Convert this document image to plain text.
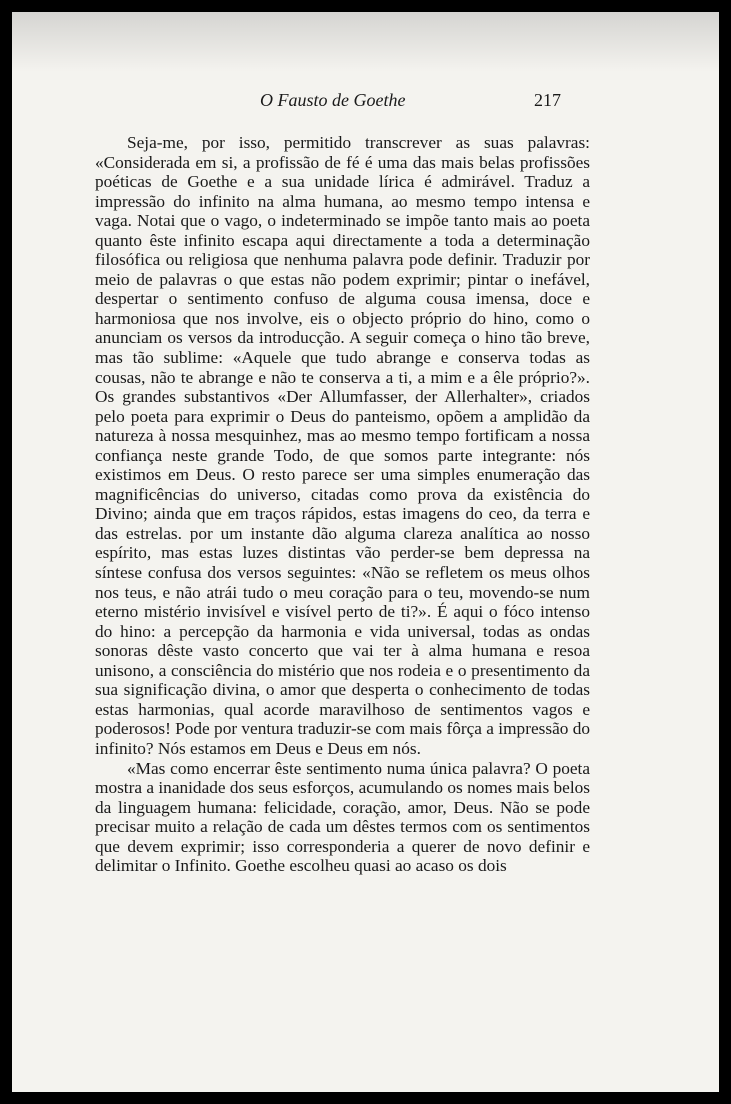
O Fausto de Goethe	217

Seja-me, por isso, permitido transcrever as suas palavras: «Considerada em si, a profissão de fé é uma das mais belas profissões poéticas de Goethe e a sua unidade lírica é admirável. Traduz a impressão do infinito na alma humana, ao mesmo tempo intensa e vaga. Notai que o vago, o indeterminado se impõe tanto mais ao poeta quanto êste infinito escapa aqui directamente a toda a determinação filosófica ou religiosa que nenhuma palavra pode definir. Traduzir por meio de palavras o que estas não podem exprimir; pintar o inefável, despertar o sentimento confuso de alguma cousa imensa, doce e harmoniosa que nos involve, eis o objecto próprio do hino, como o anunciam os versos da introducção. A seguir começa o hino tão breve, mas tão sublime: «Aquele que tudo abrange e conserva todas as cousas, não te abrange e não te conserva a ti, a mim e a êle próprio?». Os grandes substantivos «Der Allumfasser, der Allerhalter», criados pelo poeta para exprimir o Deus do panteismo, opõem a amplidão da natureza à nossa mesquinhez, mas ao mesmo tempo fortificam a nossa confiança neste grande Todo, de que somos parte integrante: nós existimos em Deus. O resto parece ser uma simples enumeração das magnificências do universo, citadas como prova da existência do Divino; ainda que em traços rápidos, estas imagens do ceo, da terra e das estrelas. por um instante dão alguma clareza analítica ao nosso espírito, mas estas luzes distintas vão perder-se bem depressa na síntese confusa dos versos seguintes: «Não se refletem os meus olhos nos teus, e não atrái tudo o meu coração para o teu, movendo-se num eterno mistério invisível e visível perto de ti?». É aqui o fóco intenso do hino: a percepção da harmonia e vida universal, todas as ondas sonoras dêste vasto concerto que vai ter à alma humana e resoa unisono, a consciência do mistério que nos rodeia e o presentimento da sua significação divina, o amor que desperta o conhecimento de todas estas harmonias, qual acorde maravilhoso de sentimentos vagos e poderosos! Pode por ventura traduzir-se com mais fôrça a impressão do infinito? Nós estamos em Deus e Deus em nós.

«Mas como encerrar êste sentimento numa única palavra? O poeta mostra a inanidade dos seus esforços, acumulando os nomes mais belos da linguagem humana: felicidade, coração, amor, Deus. Não se pode precisar muito a relação de cada um dêstes termos com os sentimentos que devem exprimir; isso corresponderia a querer de novo definir e delimitar o Infinito. Goethe escolheu quasi ao acaso os dois
